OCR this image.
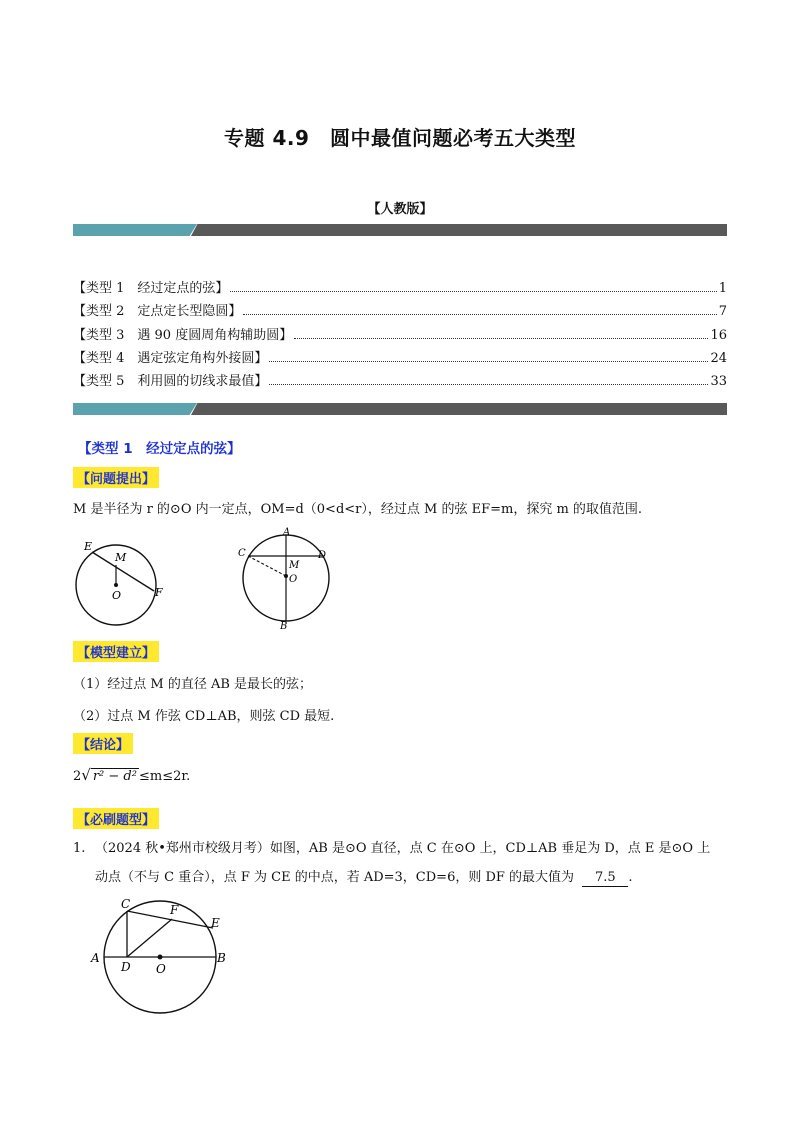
专题 4.9　圆中最值问题必考五大类型
【人教版】
【类型 1　经过定点的弦】	1
【类型 2　定点定长型隐圆】	7
【类型 3　遇 90 度圆周角构辅助圆】	16
【类型 4　遇定弦定角构外接圆】	24
【类型 5　利用圆的切线求最值】	33
【类型 1　经过定点的弦】
【问题提出】
M 是半径为 r 的⊙O 内一定点，OM=d（0<d<r），经过点 M 的弦 EF=m，探究 m 的取值范围.
E
M
O	F
A
C	D
M
O
B
【模型建立】
（1）经过点 M 的直径 AB 是最长的弦；
（2）过点 M 作弦 CD⊥AB，则弦 CD 最短.
【结论】
2√ r² − d² ≤m≤2r.
【必刷题型】
1. （2024 秋•郑州市校级月考）如图，AB 是⊙O 直径，点 C 在⊙O 上，CD⊥AB 垂足为 D，点 E 是⊙O 上
动点（不与 C 重合），点 F 为 CE 的中点，若 AD=3，CD=6，则 DF 的最大值为 7.5 .
C	F
E
A
D O
B
